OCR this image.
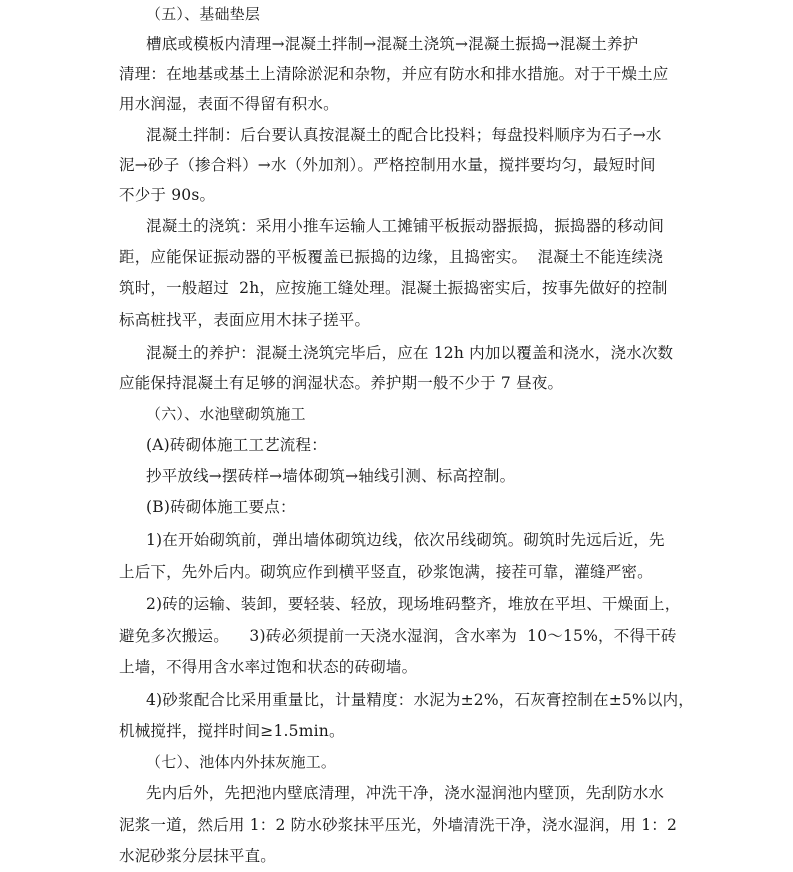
（五）、基础垫层
槽底或模板内清理→混凝土拌制→混凝土浇筑→混凝土振捣→混凝土养护
清理：在地基或基土上清除淤泥和杂物，并应有防水和排水措施。对于干燥土应
用水润湿，表面不得留有积水。
混凝土拌制：后台要认真按混凝土的配合比投料；每盘投料顺序为石子→水
泥→砂子（掺合料）→水（外加剂）。严格控制用水量，搅拌要均匀，最短时间
不少于 90s。
混凝土的浇筑：采用小推车运输人工摊铺平板振动器振捣，振捣器的移动间
距，应能保证振动器的平板覆盖已振捣的边缘，且捣密实。  混凝土不能连续浇
筑时，一般超过  2h，应按施工缝处理。混凝土振捣密实后，按事先做好的控制
标高桩找平，表面应用木抹子搓平。
混凝土的养护：混凝土浇筑完毕后，应在 12h 内加以覆盖和浇水，浇水次数
应能保持混凝土有足够的润湿状态。养护期一般不少于 7 昼夜。
（六）、水池壁砌筑施工
(A)砖砌体施工工艺流程：
抄平放线→摆砖样→墙体砌筑→轴线引测、标高控制。
(B)砖砌体施工要点：
1)在开始砌筑前，弹出墙体砌筑边线，依次吊线砌筑。砌筑时先远后近，先
上后下，先外后内。砌筑应作到横平竖直，砂浆饱满，接茬可靠，灌缝严密。
2)砖的运输、装卸，要轻装、轻放，现场堆码整齐，堆放在平坦、干燥面上，
避免多次搬运。    3)砖必须提前一天浇水湿润，含水率为  10～15%，不得干砖
上墙，不得用含水率过饱和状态的砖砌墙。
4)砂浆配合比采用重量比，计量精度：水泥为±2%，石灰膏控制在±5%以内，
机械搅拌，搅拌时间≥1.5min。
（七）、池体内外抹灰施工。
先内后外，先把池内壁底清理，冲洗干净，浇水湿润池内壁顶，先刮防水水
泥浆一道，然后用 1：2 防水砂浆抹平压光，外墙清洗干净，浇水湿润，用 1：2
水泥砂浆分层抹平直。
